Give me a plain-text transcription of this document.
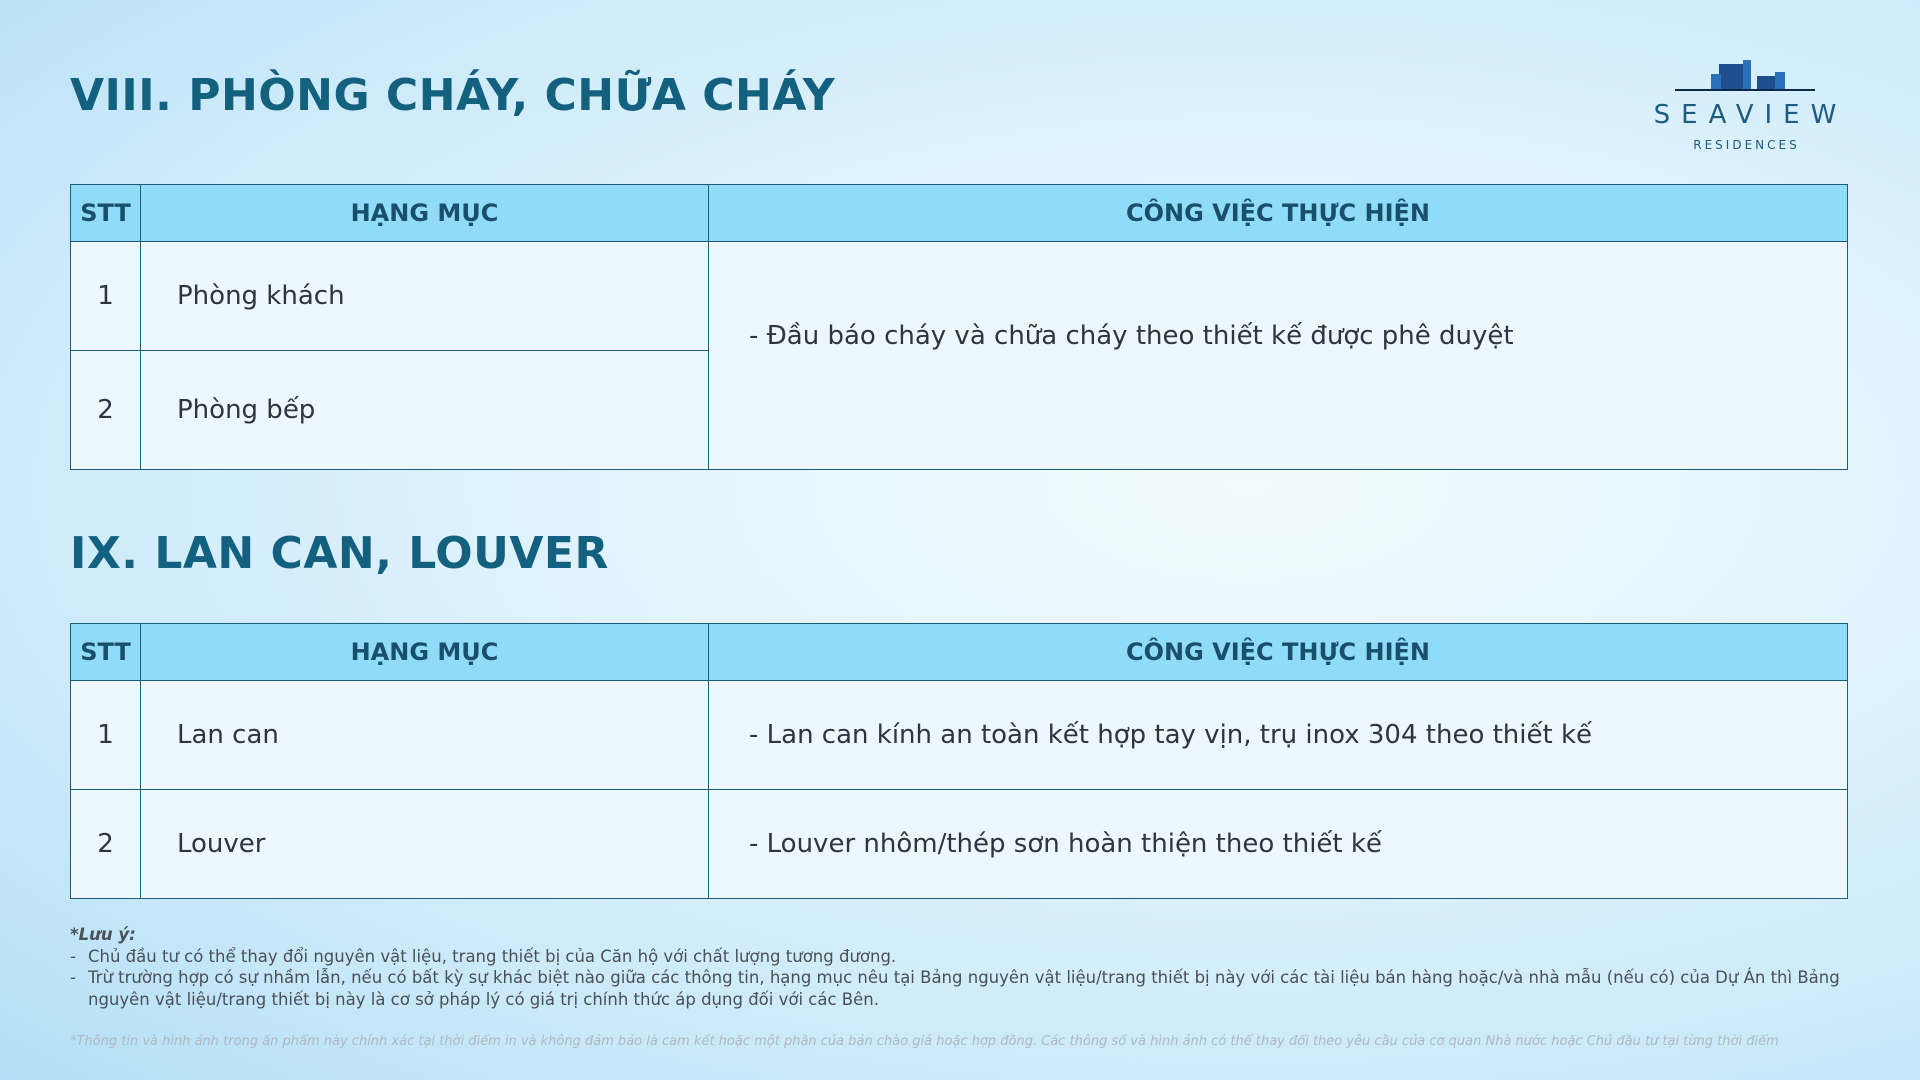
VIII. PHÒNG CHÁY, CHỮA CHÁY	SEAVIEW
RESIDENCES
STT	HẠNG MỤC	CÔNG VIỆC THỰC HIỆN
1	Phòng khách	- Đầu báo cháy và chữa cháy theo thiết kế được phê duyệt
2	Phòng bếp	
IX. LAN CAN, LOUVER
STT	HẠNG MỤC	CÔNG VIỆC THỰC HIỆN
1	Lan can	- Lan can kính an toàn kết hợp tay vịn, trụ inox 304 theo thiết kế
2	Louver	- Louver nhôm/thép sơn hoàn thiện theo thiết kế
*Lưu ý:
- Chủ đầu tư có thể thay đổi nguyên vật liệu, trang thiết bị của Căn hộ với chất lượng tương đương.
- Trừ trường hợp có sự nhầm lẫn, nếu có bất kỳ sự khác biệt nào giữa các thông tin, hạng mục nêu tại Bảng nguyên vật liệu/trang thiết bị này với các tài liệu bán hàng hoặc/và nhà mẫu (nếu có) của Dự Án thì Bảng nguyên vật liệu/trang thiết bị này là cơ sở pháp lý có giá trị chính thức áp dụng đối với các Bên.
*Thông tin và hình ảnh trong ấn phẩm này chính xác tại thời điểm in và không đảm bảo là cam kết hoặc một phần của bản chào giá hoặc hợp đồng. Các thông số và hình ảnh có thể thay đổi theo yêu cầu của cơ quan Nhà nước hoặc Chủ đầu tư tại từng thời điểm
